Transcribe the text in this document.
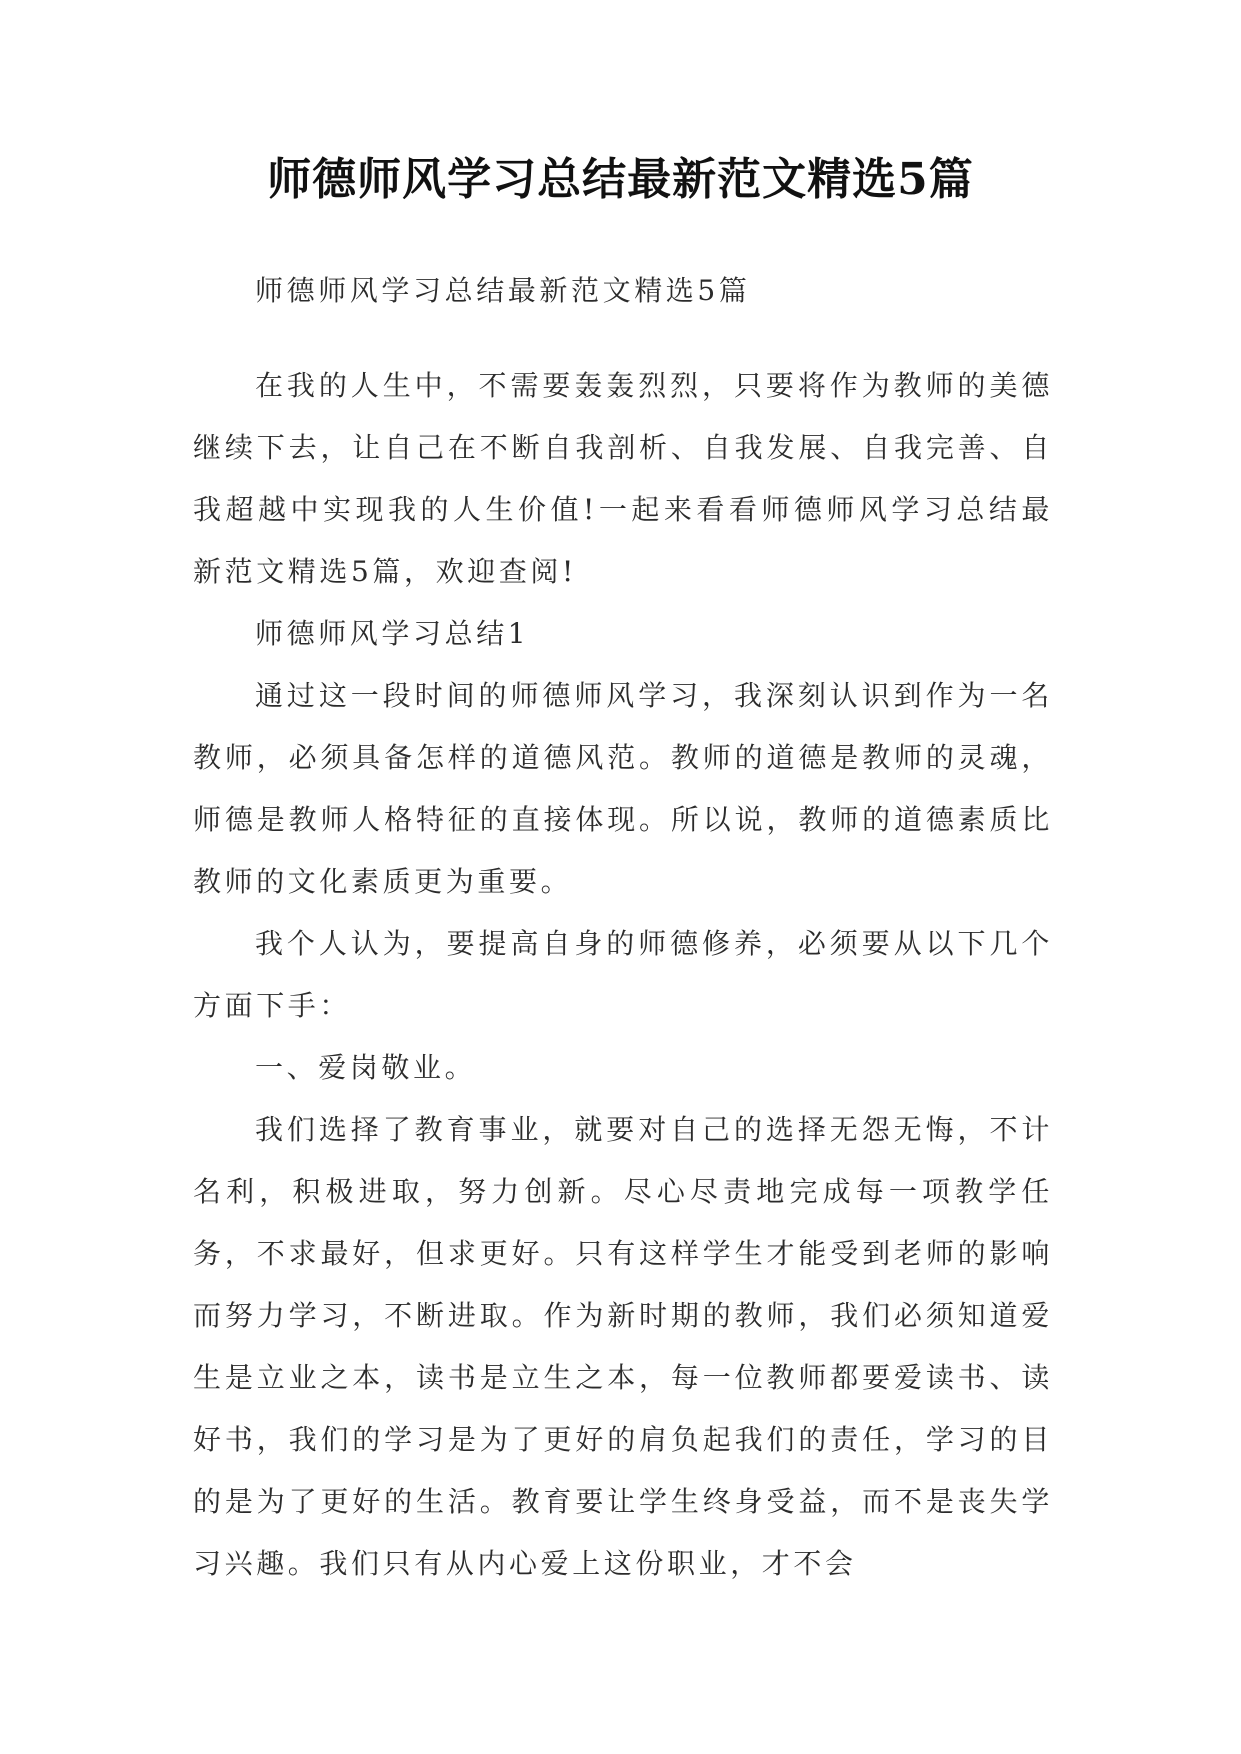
师德师风学习总结最新范文精选5篇

师德师风学习总结最新范文精选5篇

在我的人生中，不需要轰轰烈烈，只要将作为教师的美德继续下去，让自己在不断自我剖析、自我发展、自我完善、自我超越中实现我的人生价值!一起来看看师德师风学习总结最新范文精选5篇，欢迎查阅!

师德师风学习总结1

通过这一段时间的师德师风学习，我深刻认识到作为一名教师，必须具备怎样的道德风范。教师的道德是教师的灵魂，师德是教师人格特征的直接体现。所以说，教师的道德素质比教师的文化素质更为重要。

我个人认为，要提高自身的师德修养，必须要从以下几个方面下手：

一、爱岗敬业。

我们选择了教育事业，就要对自己的选择无怨无悔，不计名利，积极进取，努力创新。尽心尽责地完成每一项教学任务，不求最好，但求更好。只有这样学生才能受到老师的影响而努力学习，不断进取。作为新时期的教师，我们必须知道爱生是立业之本，读书是立生之本，每一位教师都要爱读书、读好书，我们的学习是为了更好的肩负起我们的责任，学习的目的是为了更好的生活。教育要让学生终身受益，而不是丧失学习兴趣。我们只有从内心爱上这份职业，才不会
